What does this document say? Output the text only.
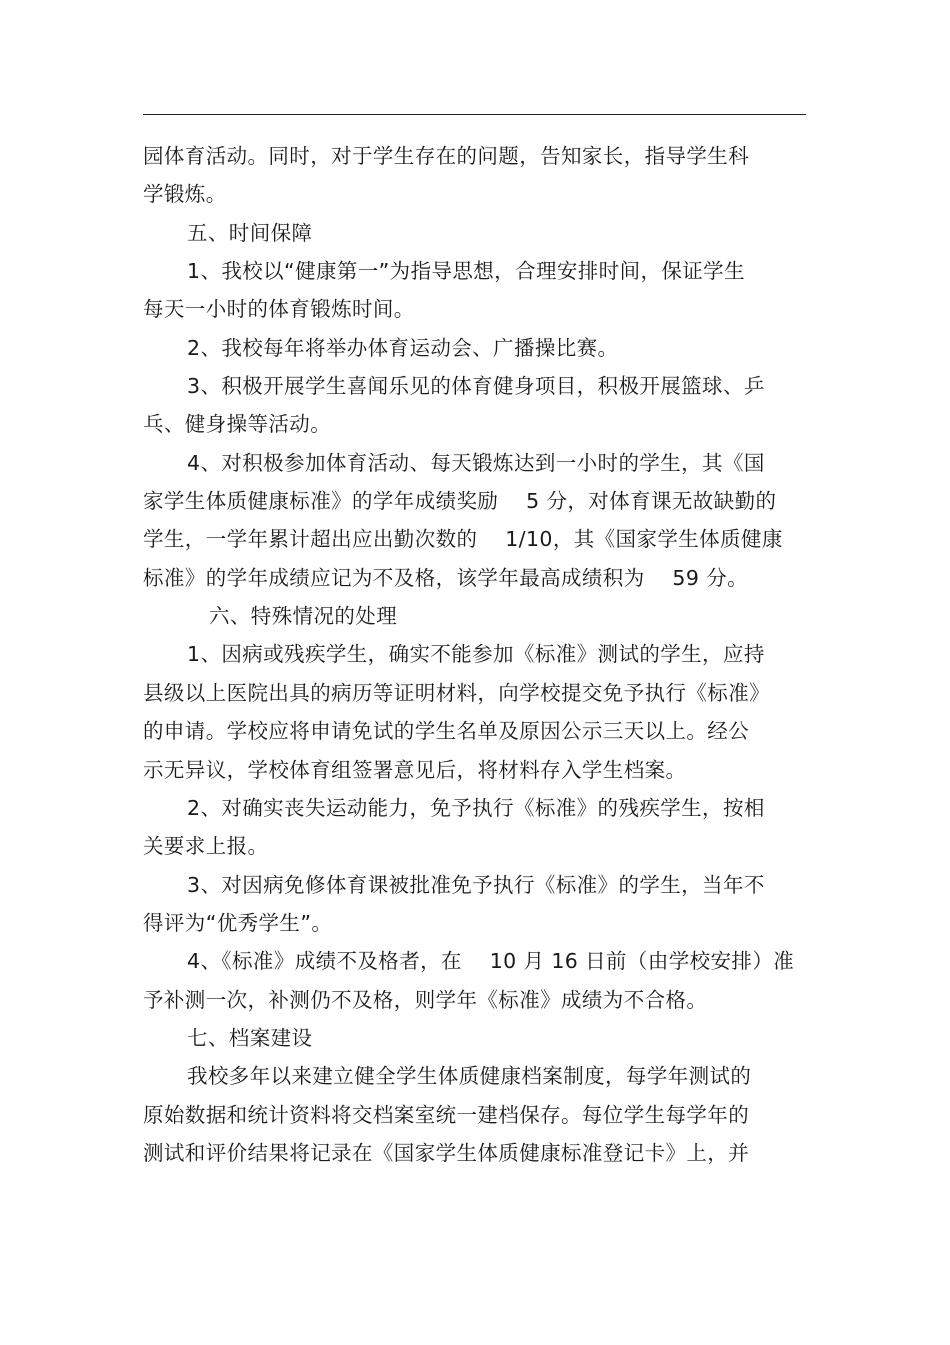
园体育活动。同时，对于学生存在的问题，告知家长，指导学生科
学锻炼。
五、时间保障
1、我校以“健康第一”为指导思想，合理安排时间，保证学生
每天一小时的体育锻炼时间。
2、我校每年将举办体育运动会、广播操比赛。
3、积极开展学生喜闻乐见的体育健身项目，积极开展篮球、乒
乓、健身操等活动。
4、对积极参加体育活动、每天锻炼达到一小时的学生，其《国
家学生体质健康标准》的学年成绩奖励　 5 分，对体育课无故缺勤的
学生，一学年累计超出应出勤次数的　 1/10，其《国家学生体质健康
标准》的学年成绩应记为不及格，该学年最高成绩积为　 59 分。
六、特殊情况的处理
1、因病或残疾学生，确实不能参加《标准》测试的学生，应持
县级以上医院出具的病历等证明材料，向学校提交免予执行《标准》
的申请。学校应将申请免试的学生名单及原因公示三天以上。经公
示无异议，学校体育组签署意见后，将材料存入学生档案。
2、对确实丧失运动能力，免予执行《标准》的残疾学生，按相
关要求上报。
3、对因病免修体育课被批准免予执行《标准》的学生，当年不
得评为“优秀学生”。
4、《标准》成绩不及格者，在　 10 月 16 日前（由学校安排）准
予补测一次，补测仍不及格，则学年《标准》成绩为不合格。
七、档案建设
我校多年以来建立健全学生体质健康档案制度，每学年测试的
原始数据和统计资料将交档案室统一建档保存。每位学生每学年的
测试和评价结果将记录在《国家学生体质健康标准登记卡》上，并
